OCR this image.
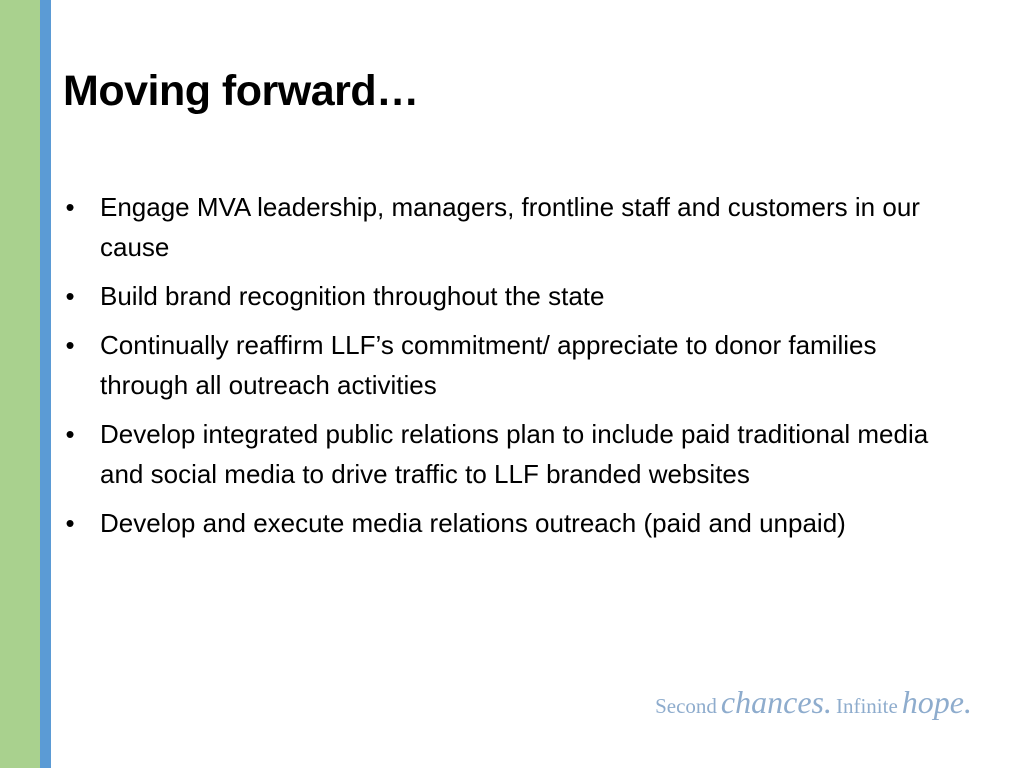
Moving forward…
• Engage MVA leadership, managers, frontline staff and customers in our cause
• Build brand recognition throughout the state
• Continually reaffirm LLF’s commitment/ appreciate to donor families through all outreach activities
• Develop integrated public relations plan to include paid traditional media and social media to drive traffic to LLF branded websites
• Develop and execute media relations outreach (paid and unpaid)
Second chances. Infinite hope.
